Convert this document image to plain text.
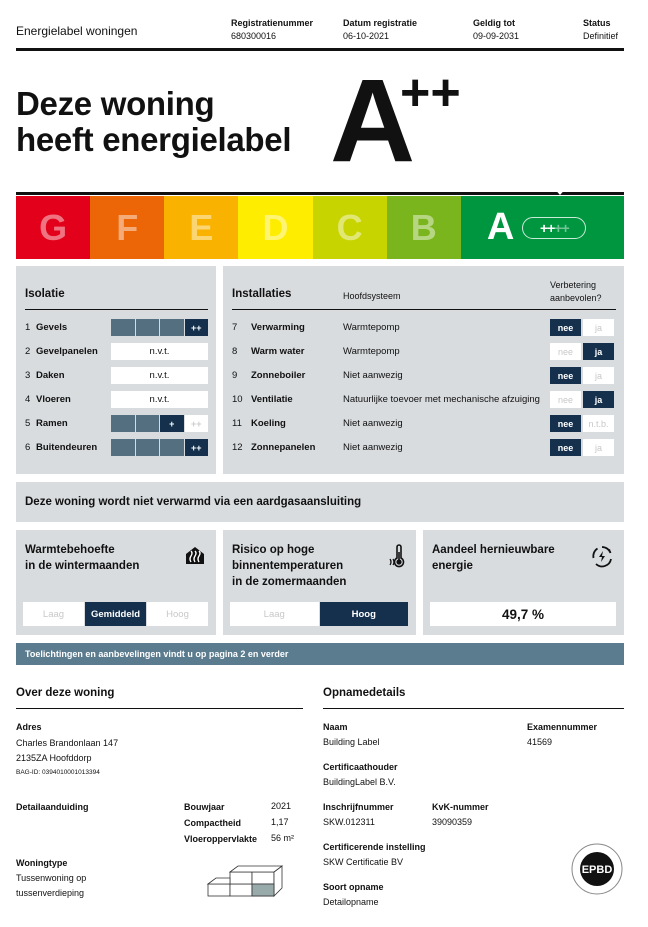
Energielabel woningen
Registratienummer
680300016
Datum registratie
06-10-2021
Geldig tot
09-09-2031
Status
Definitief
Deze woning
heeft energielabel A
++
G F E D C B A ++ ++
Isolatie
1 Gevels	++
2 Gevelpanelen	n.v.t.
3 Daken	n.v.t.
4 Vloeren	n.v.t.
5 Ramen	+	++
6 Buitendeuren	++
Installaties	Hoofdsysteem
Verbetering aanbevolen?
7	Verwarming	Warmtepomp	nee	ja
8	Warm water	Warmtepomp	nee	ja
9	Zonneboiler	Niet aanwezig	nee	ja
10 Ventilatie	Natuurlijke toevoer met mechanische afzuiging	nee	ja
11 Koeling	Niet aanwezig	nee	n.t.b.
12 Zonnepanelen	Niet aanwezig	nee	ja
Deze woning wordt niet verwarmd via een aardgasaansluiting
Warmtebehoefte
in de wintermaanden
Laag	Gemiddeld	Hoog
Risico op hoge
binnentemperaturen
in de zomermaanden
Laag	Hoog
Aandeel hernieuwbare
energie
49,7 %
Toelichtingen en aanbevelingen vindt u op pagina 2 en verder
Over deze woning
Adres
Charles Brandonlaan 147
2135ZA Hoofddorp
BAG-ID: 0394010001013394
Detailaanduiding	Bouwjaar	2021
Compactheid	1,17
Vloeroppervlakte 56 m²
Woningtype
Tussenwoning op
tussenverdieping
Opnamedetails
Naam
Building Label
Examennummer
41569
Certificaathouder
BuildingLabel B.V.
Inschrijfnummer
SKW.012311
KvK-nummer
39090359
Certificerende instelling
SKW Certificatie BV
Soort opname
Detailopname
EPBD
